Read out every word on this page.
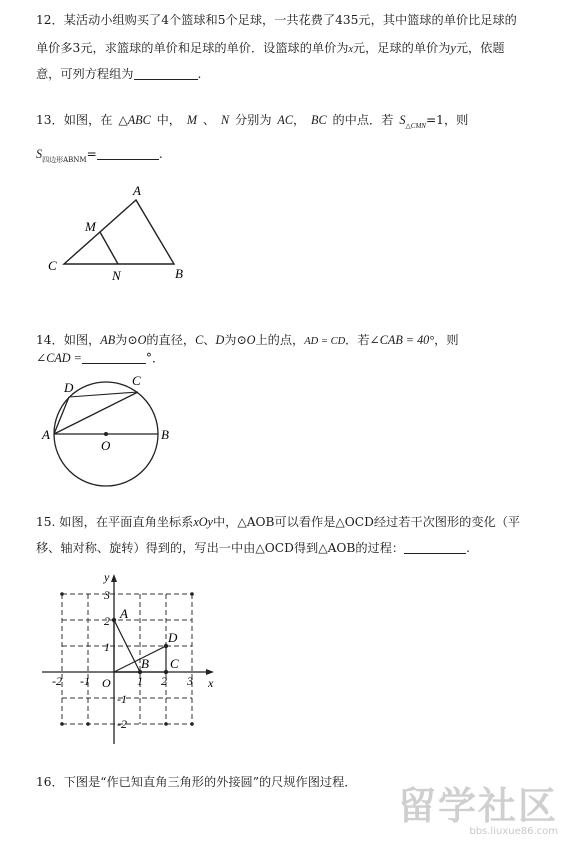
12．某活动小组购买了4个篮球和5个足球，一共花费了435元，其中篮球的单价比足球的
单价多3元，求篮球的单价和足球的单价．设篮球的单价为x元，足球的单价为y元，依题
意，可列方程组为	.
13．如图，在 △ABC 中， M 、 N 分别为 AC， BC 的中点．若 $S_{\triangle CMN}=1$，则
$S_{四边形ABNM}=$	.
A
M
C
N	B
14．如图，AB为⊙O的直径，C、D为⊙O上的点，AD = CD．若∠CAB = 40°，则
∠CAD =	°．
D	C
A
O
B
15. 如图，在平面直角坐标系xOy中，△AOB可以看作是△OCD经过若干次图形的变化（平
移、轴对称、旋转）得到的，写出一中由△OCD得到△AOB的过程：	.
A
B C
D
y
x
O
-2 -1	1 2 3
3
2
1
-1
-2
16．下图是“作已知直角三角形的外接圆”的尺规作图过程．
留学社区
bbs.liuxue86.com
